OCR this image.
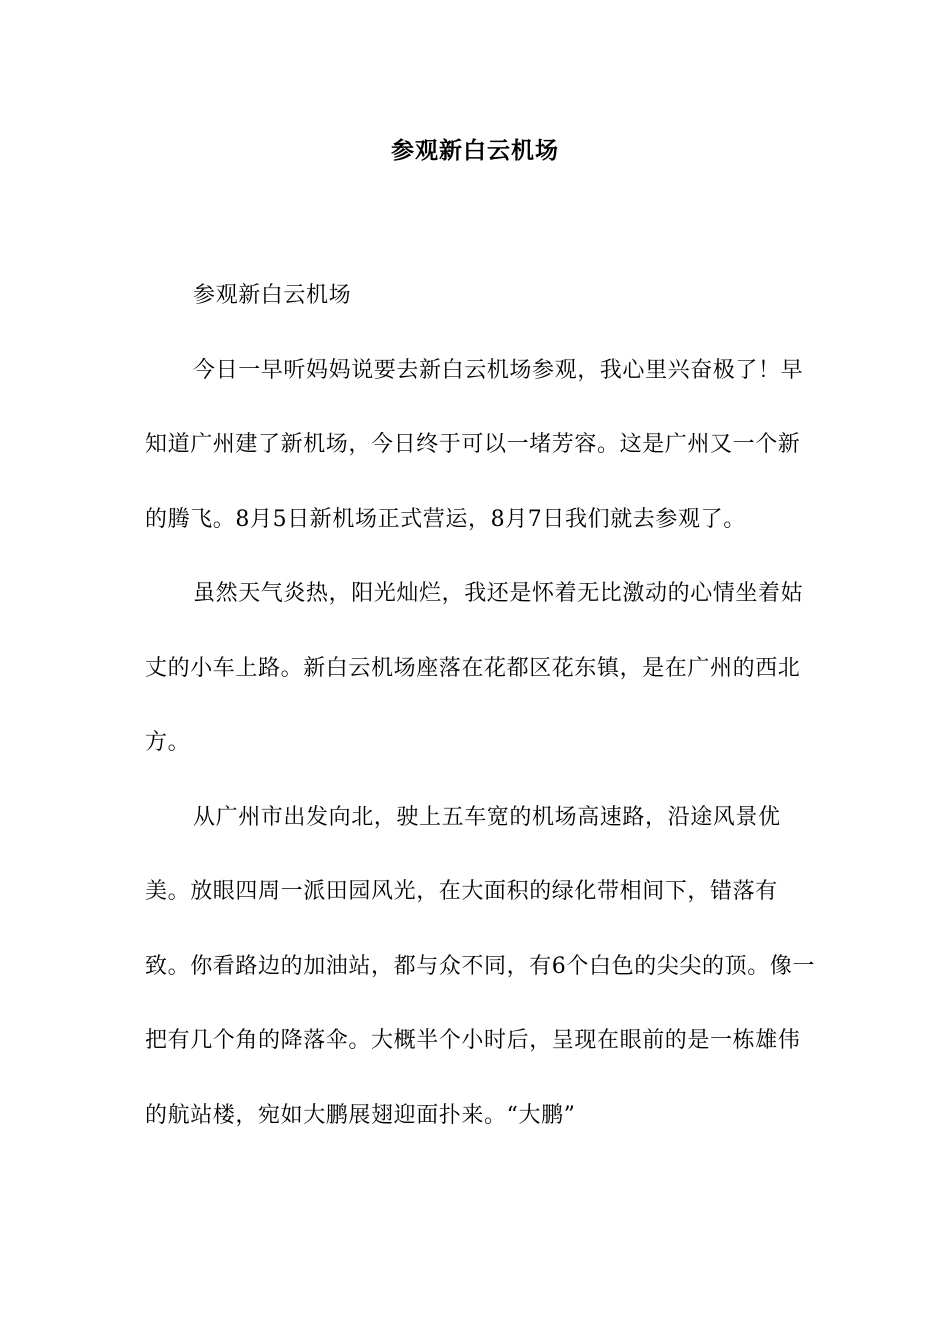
参观新白云机场

参观新白云机场

今日一早听妈妈说要去新白云机场参观，我心里兴奋极了！早知道广州建了新机场，今日终于可以一堵芳容。这是广州又一个新的腾飞。8月5日新机场正式营运，8月7日我们就去参观了。

虽然天气炎热，阳光灿烂，我还是怀着无比激动的心情坐着姑丈的小车上路。新白云机场座落在花都区花东镇，是在广州的西北方。

从广州市出发向北，驶上五车宽的机场高速路，沿途风景优美。放眼四周一派田园风光，在大面积的绿化带相间下，错落有致。你看路边的加油站，都与众不同，有6个白色的尖尖的顶。像一把有几个角的降落伞。大概半个小时后，呈现在眼前的是一栋雄伟的航站楼，宛如大鹏展翅迎面扑来。“大鹏”
